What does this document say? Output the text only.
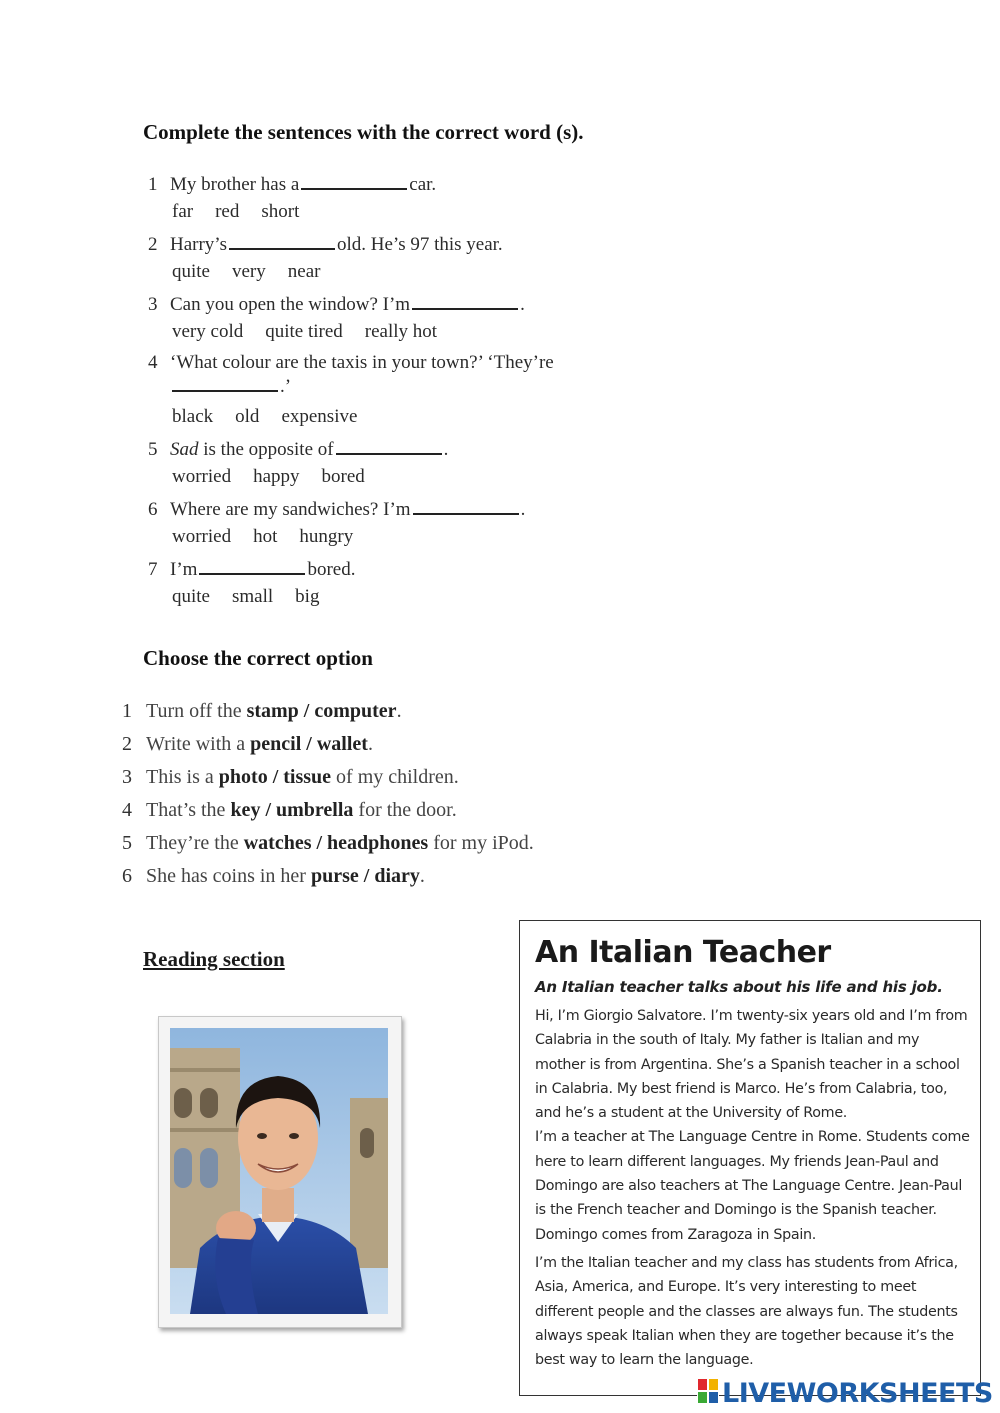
Complete the sentences with the correct word (s).
1 My brother has a	car.
far red short
2 Harry’s	old. He’s 97 this year.
quite very near
3 Can you open the window? I’m	.
very cold quite tired really hot
4 ‘What colour are the taxis in your town?’ ‘They’re
.’
black old expensive
5 Sad is the opposite of	.
worried happy bored
6 Where are my sandwiches? I’m	.
worried hot hungry
7 I’m	bored.
quite small big
Choose the correct option
1 Turn off the stamp / computer.
2 Write with a pencil / wallet.
3 This is a photo / tissue of my children.
4 That’s the key / umbrella for the door.
5 They’re the watches / headphones for my iPod.
6 She has coins in her purse / diary.
Reading section	An Italian Teacher
An Italian teacher talks about his life and his job.
Hi, I’m Giorgio Salvatore. I’m twenty-six years old and I’m from Calabria in the south of Italy. My father is Italian and my mother is from Argentina. She’s a Spanish teacher in a school in Calabria. My best friend is Marco. He’s from Calabria, too, and he’s a student at the University of Rome.
I’m a teacher at The Language Centre in Rome. Students come here to learn different languages. My friends Jean-Paul and Domingo are also teachers at The Language Centre. Jean-Paul is the French teacher and Domingo is the Spanish teacher. Domingo comes from Zaragoza in Spain.
I’m the Italian teacher and my class has students from Africa, Asia, America, and Europe. It’s very interesting to meet different people and the classes are always fun. The students always speak Italian when they are together because it’s the best way to learn the language.
LIVEWORKSHEETS
